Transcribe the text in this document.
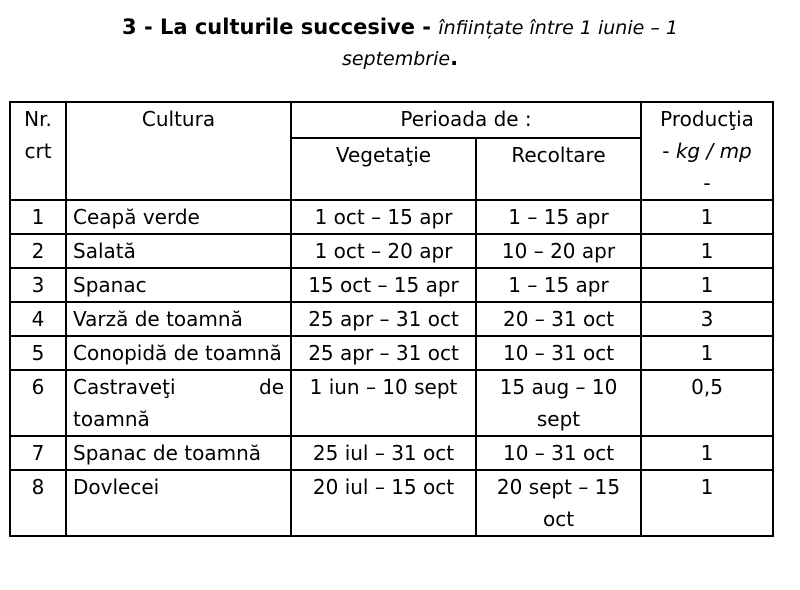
3 - La culturile succesive - înființate între 1 iunie – 1
septembrie.
Nr. crt	Cultura	Perioada de :		Producţia
- kg / mp
-
		Vegetaţie	Recoltare	
1	Ceapă verde	1 oct – 15 apr	1 – 15 apr	1
2	Salată	1 oct – 20 apr	10 – 20 apr	1
3	Spanac	15 oct – 15 apr	1 – 15 apr	1
4	Varză de toamnă	25 apr – 31 oct	20 – 31 oct	3
5	Conopidă de toamnă	25 apr – 31 oct	10 – 31 oct	1
6	Castraveţi de toamnă	1 iun – 10 sept	15 aug – 10 sept	0,5
7	Spanac de toamnă	25 iul – 31 oct	10 – 31 oct	1
8	Dovlecei	20 iul – 15 oct	20 sept – 15 oct	1
